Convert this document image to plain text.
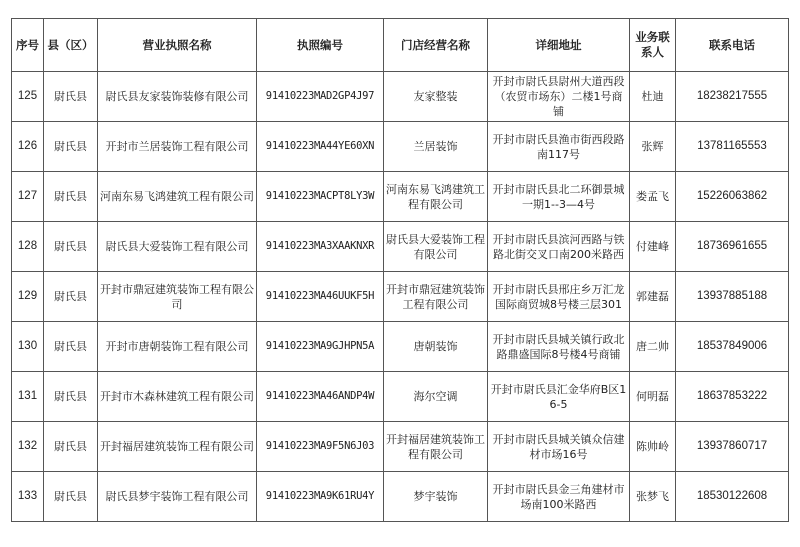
序号	县（区）	营业执照名称	执照编号	门店经营名称	详细地址	业务联系人	联系电话
125	尉氏县	尉氏县友家装饰装修有限公司	91410223MAD2GP4J97	友家整装	开封市尉氏县尉州大道西段（农贸市场东）二楼1号商铺	杜迪	18238217555
126	尉氏县	开封市兰居装饰工程有限公司	91410223MA44YE60XN	兰居装饰	开封市尉氏县渔市街西段路南117号	张辉	13781165553
127	尉氏县	河南东易飞鸿建筑工程有限公司	91410223MACPT8LY3W	河南东易飞鸿建筑工程有限公司	开封市尉氏县北二环御景城一期1--3—4号	娄孟飞	15226063862
128	尉氏县	尉氏县大爱装饰工程有限公司	91410223MA3XAAKNXR	尉氏县大爱装饰工程有限公司	开封市尉氏县滨河西路与铁路北街交叉口南200米路西	付建峰	18736961655
129	尉氏县	开封市鼎冠建筑装饰工程有限公司	91410223MA46UUKF5H	开封市鼎冠建筑装饰工程有限公司	开封市尉氏县邢庄乡万汇龙国际商贸城8号楼三层301	郭建磊	13937885188
130	尉氏县	开封市唐朝装饰工程有限公司	91410223MA9GJHPN5A	唐朝装饰	开封市尉氏县城关镇行政北路鼎盛国际8号楼4号商铺	唐二帅	18537849006
131	尉氏县	开封市木森林建筑工程有限公司	91410223MA46ANDP4W	海尔空调	开封市尉氏县汇金华府B区16-5	何明磊	18637853222
132	尉氏县	开封福居建筑装饰工程有限公司	91410223MA9F5N6J03	开封福居建筑装饰工程有限公司	开封市尉氏县城关镇众信建材市场16号	陈帅岭	13937860717
133	尉氏县	尉氏县梦宇装饰工程有限公司	91410223MA9K61RU4Y	梦宇装饰	开封市尉氏县金三角建材市场南100米路西	张梦飞	18530122608
